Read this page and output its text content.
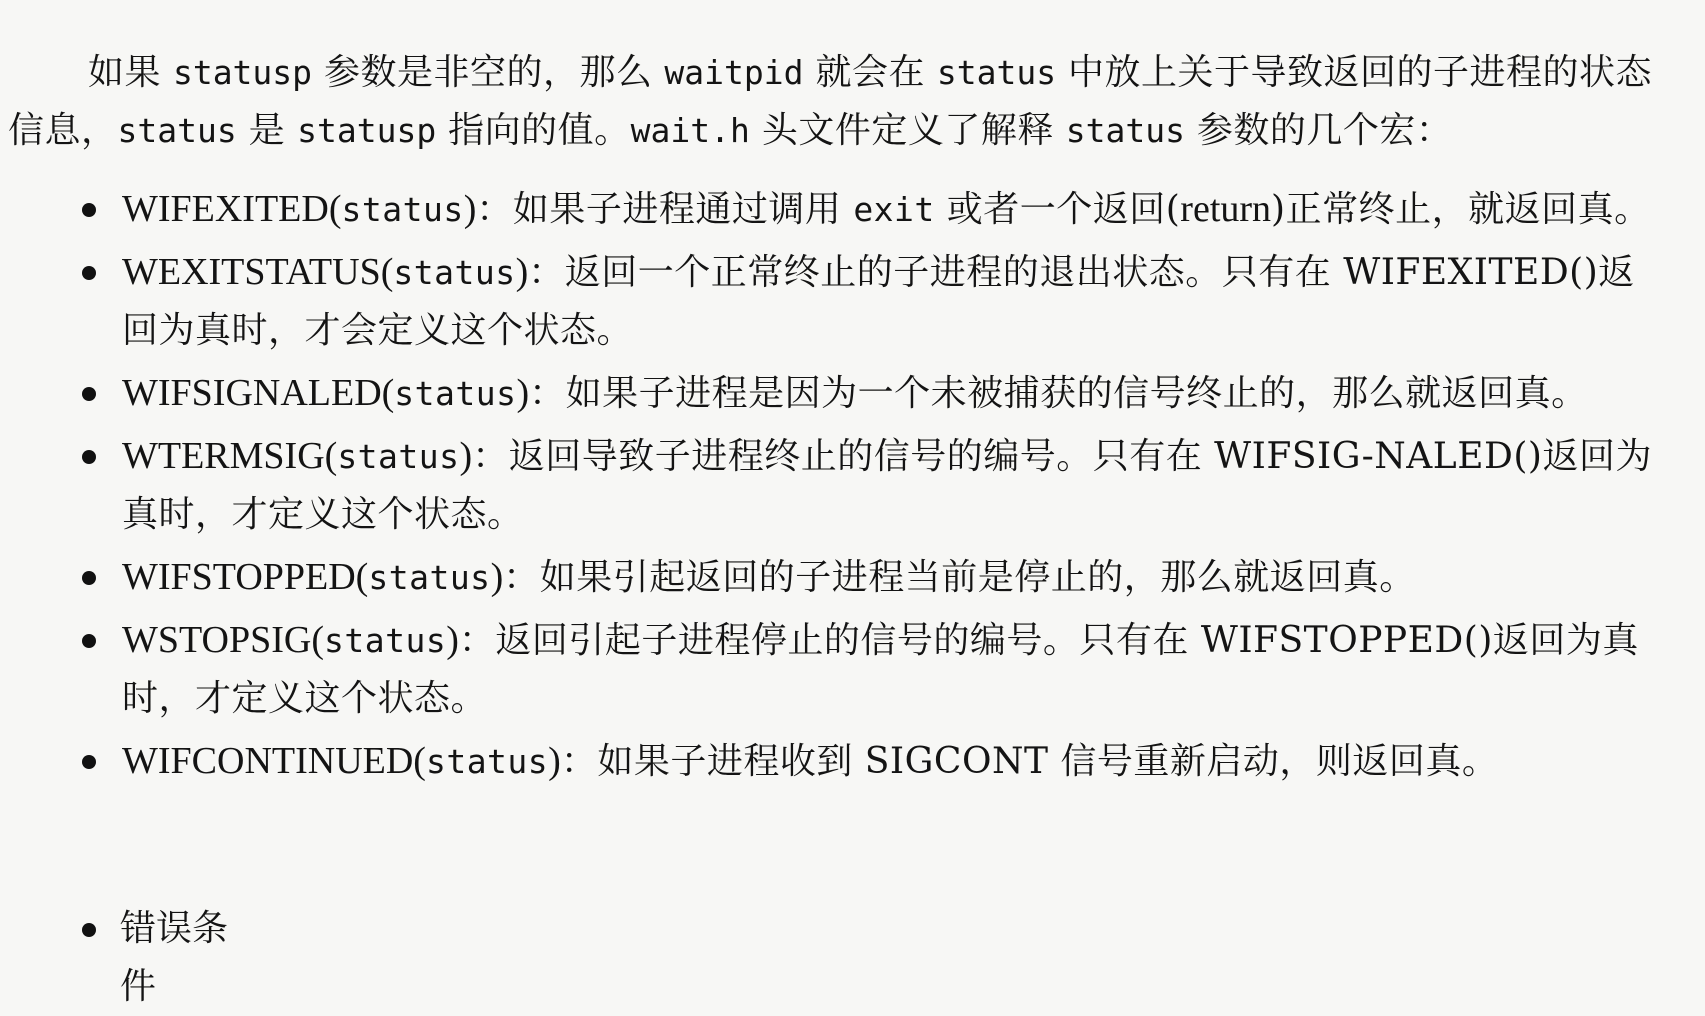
如果 statusp 参数是非空的，那么 waitpid 就会在 status 中放上关于导致返回的子进程的状态信息，status 是 statusp 指向的值。wait.h 头文件定义了解释 status 参数的几个宏：

WIFEXITED(status)：如果子进程通过调用 exit 或者一个返回(return)正常终止，就返回真。
WEXITSTATUS(status)：返回一个正常终止的子进程的退出状态。只有在 WIFEXITED()返回为真时，才会定义这个状态。
WIFSIGNALED(status)：如果子进程是因为一个未被捕获的信号终止的，那么就返回真。
WTERMSIG(status)：返回导致子进程终止的信号的编号。只有在 WIFSIG-NALED()返回为真时，才定义这个状态。
WIFSTOPPED(status)：如果引起返回的子进程当前是停止的，那么就返回真。
WSTOPSIG(status)：返回引起子进程停止的信号的编号。只有在 WIFSTOPPED()返回为真时，才定义这个状态。
WIFCONTINUED(status)：如果子进程收到 SIGCONT 信号重新启动，则返回真。
错误条件
